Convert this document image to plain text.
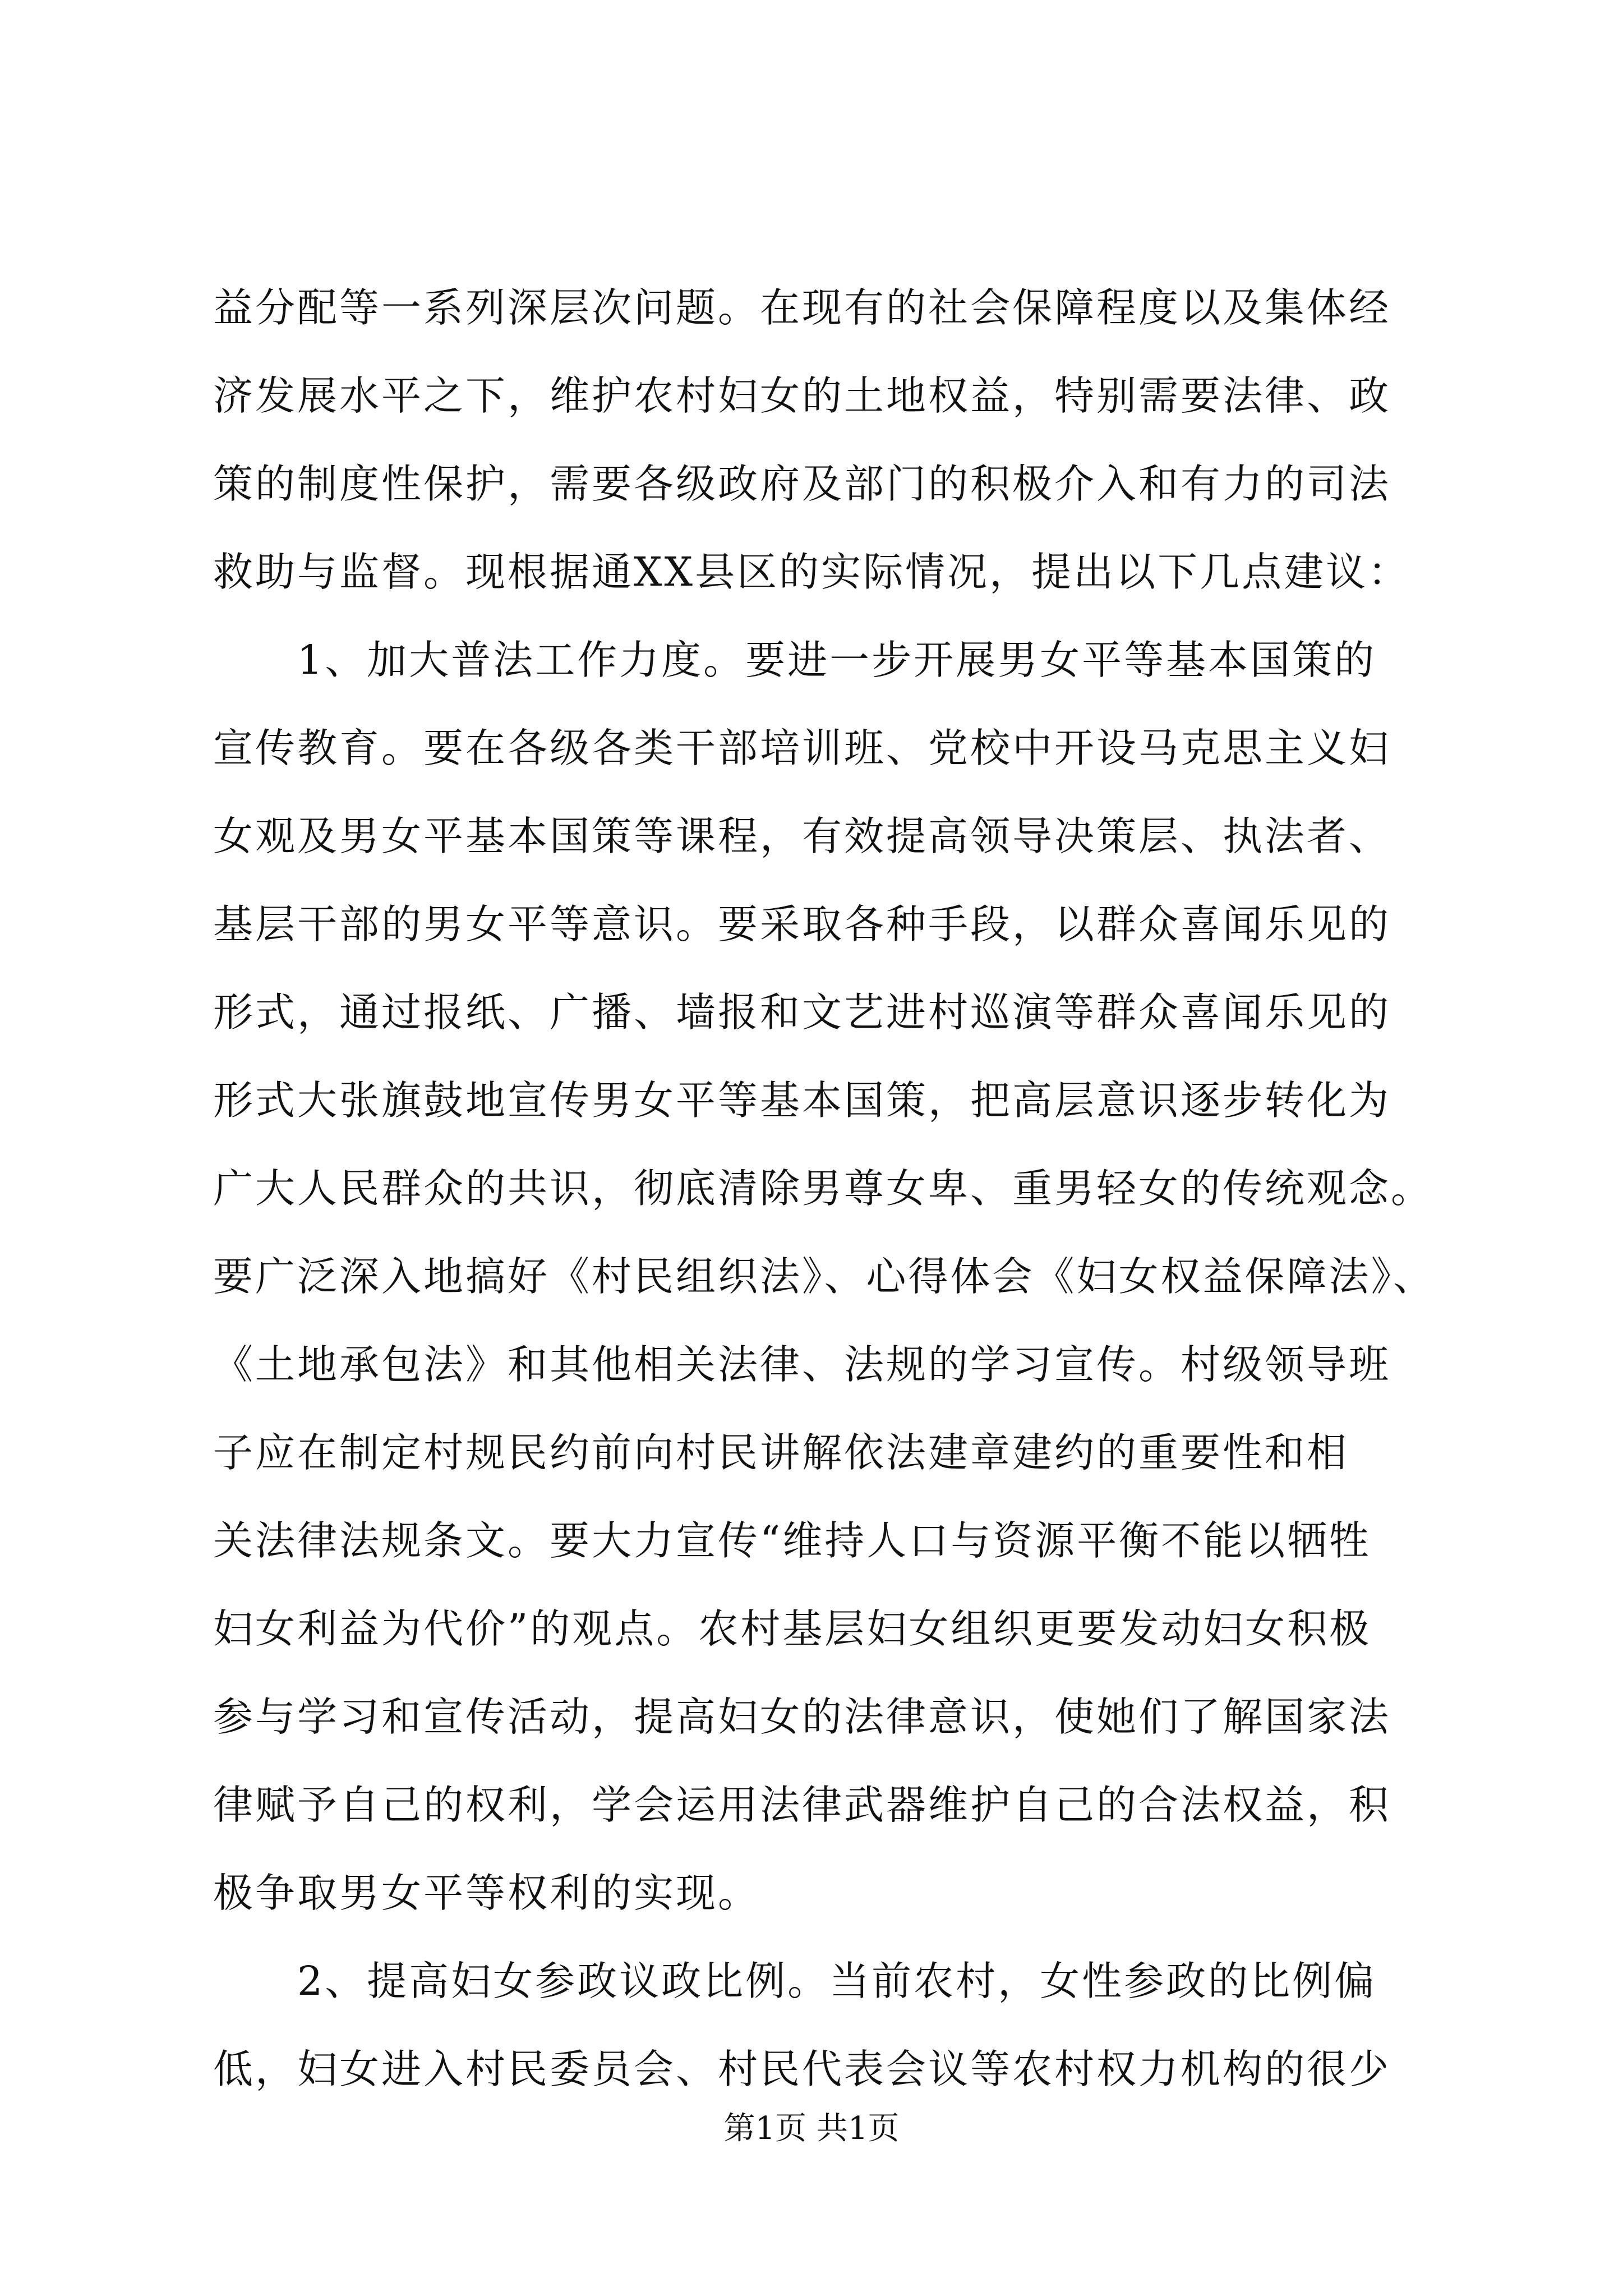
益分配等一系列深层次问题。在现有的社会保障程度以及集体经
济发展水平之下，维护农村妇女的土地权益，特别需要法律、政
策的制度性保护，需要各级政府及部门的积极介入和有力的司法
救助与监督。现根据通XX县区的实际情况，提出以下几点建议：
　　1、加大普法工作力度。要进一步开展男女平等基本国策的
宣传教育。要在各级各类干部培训班、党校中开设马克思主义妇
女观及男女平基本国策等课程，有效提高领导决策层、执法者、
基层干部的男女平等意识。要采取各种手段，以群众喜闻乐见的
形式，通过报纸、广播、墙报和文艺进村巡演等群众喜闻乐见的
形式大张旗鼓地宣传男女平等基本国策，把高层意识逐步转化为
广大人民群众的共识，彻底清除男尊女卑、重男轻女的传统观念。
要广泛深入地搞好《村民组织法》、心得体会《妇女权益保障法》、
《土地承包法》和其他相关法律、法规的学习宣传。村级领导班
子应在制定村规民约前向村民讲解依法建章建约的重要性和相
关法律法规条文。要大力宣传“维持人口与资源平衡不能以牺牲
妇女利益为代价”的观点。农村基层妇女组织更要发动妇女积极
参与学习和宣传活动，提高妇女的法律意识，使她们了解国家法
律赋予自己的权利，学会运用法律武器维护自己的合法权益，积
极争取男女平等权利的实现。
　　2、提高妇女参政议政比例。当前农村，女性参政的比例偏
低，妇女进入村民委员会、村民代表会议等农村权力机构的很少
第1页 共1页
